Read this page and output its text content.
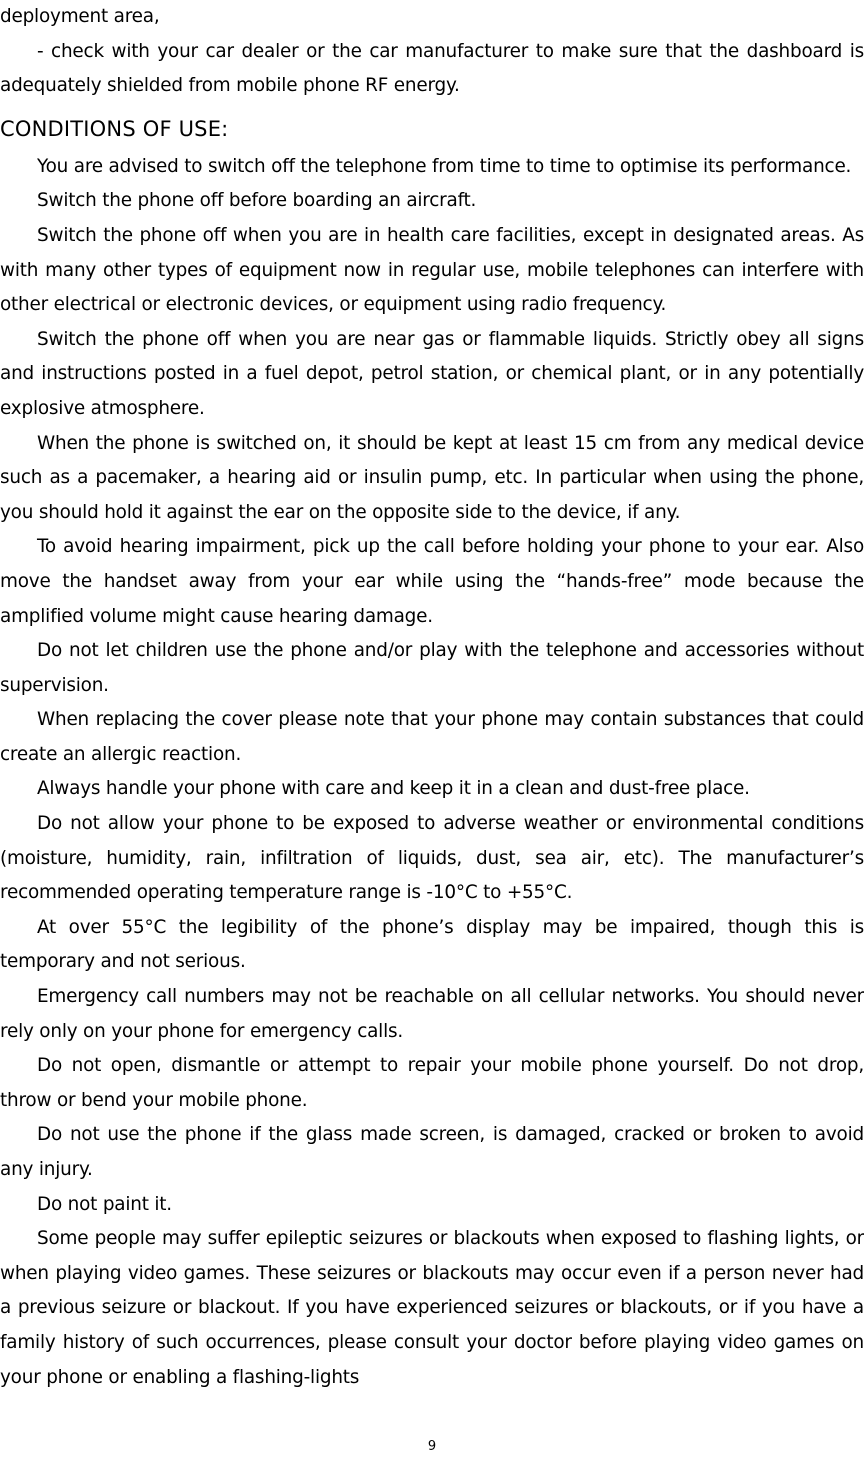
deployment area,

- check with your car dealer or the car manufacturer to make sure that the dashboard is adequately shielded from mobile phone RF energy.

CONDITIONS OF USE:

You are advised to switch off the telephone from time to time to optimise its performance.

Switch the phone off before boarding an aircraft.

Switch the phone off when you are in health care facilities, except in designated areas. As with many other types of equipment now in regular use, mobile telephones can interfere with other electrical or electronic devices, or equipment using radio frequency.

Switch the phone off when you are near gas or flammable liquids. Strictly obey all signs and instructions posted in a fuel depot, petrol station, or chemical plant, or in any potentially explosive atmosphere.

When the phone is switched on, it should be kept at least 15 cm from any medical device such as a pacemaker, a hearing aid or insulin pump, etc. In particular when using the phone, you should hold it against the ear on the opposite side to the device, if any.

To avoid hearing impairment, pick up the call before holding your phone to your ear. Also move the handset away from your ear while using the “hands-free” mode because the amplified volume might cause hearing damage.

Do not let children use the phone and/or play with the telephone and accessories without supervision.

When replacing the cover please note that your phone may contain substances that could create an allergic reaction.

Always handle your phone with care and keep it in a clean and dust-free place.

Do not allow your phone to be exposed to adverse weather or environmental conditions (moisture, humidity, rain, infiltration of liquids, dust, sea air, etc). The manufacturer’s recommended operating temperature range is -10°C to +55°C.

At over 55°C the legibility of the phone’s display may be impaired, though this is temporary and not serious.

Emergency call numbers may not be reachable on all cellular networks. You should never rely only on your phone for emergency calls.

Do not open, dismantle or attempt to repair your mobile phone yourself. Do not drop, throw or bend your mobile phone.

Do not use the phone if the glass made screen, is damaged, cracked or broken to avoid any injury.

Do not paint it.

Some people may suffer epileptic seizures or blackouts when exposed to flashing lights, or when playing video games. These seizures or blackouts may occur even if a person never had a previous seizure or blackout. If you have experienced seizures or blackouts, or if you have a family history of such occurrences, please consult your doctor before playing video games on your phone or enabling a flashing-lights

9
